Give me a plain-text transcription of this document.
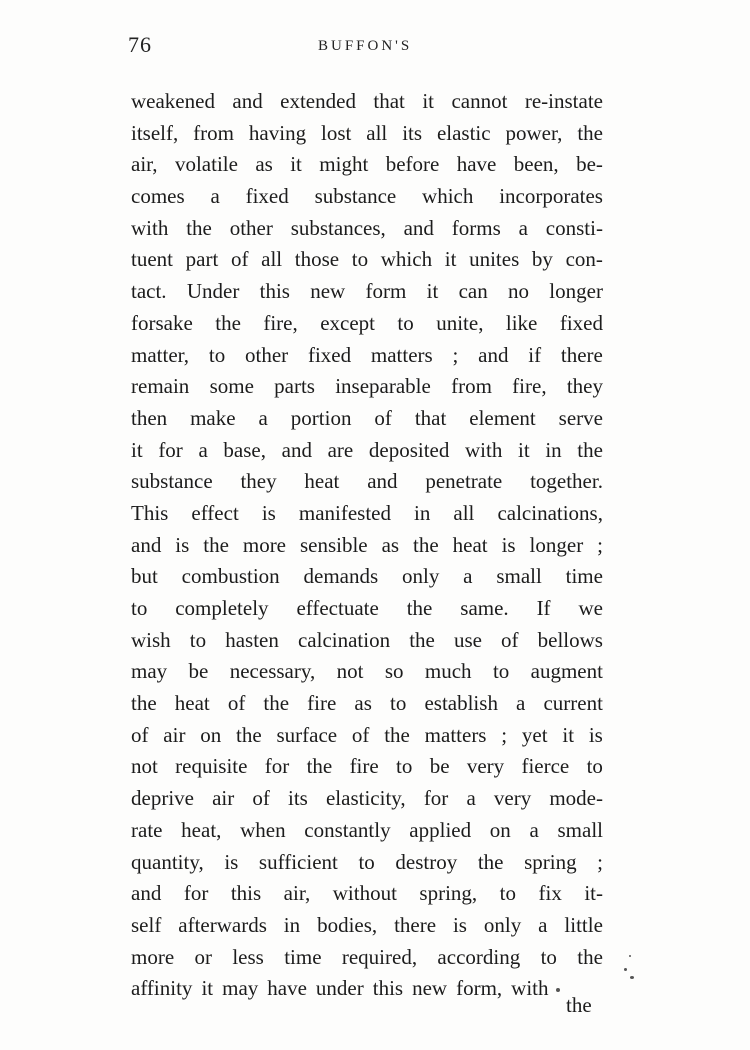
76	BUFFON'S
weakened and extended that it cannot re-instate
itself, from having lost all its elastic power, the
air, volatile as it might before have been, be-
comes a fixed substance which incorporates
with the other substances, and forms a consti-
tuent part of all those to which it unites by con-
tact. Under this new form it can no longer
forsake the fire, except to unite, like fixed
matter, to other fixed matters ; and if there
remain some parts inseparable from fire, they
then make a portion of that element serve
it for a base, and are deposited with it in the
substance they heat and penetrate together.
This effect is manifested in all calcinations,
and is the more sensible as the heat is longer ;
but combustion demands only a small time
to completely effectuate the same. If we
wish to hasten calcination the use of bellows
may be necessary, not so much to augment
the heat of the fire as to establish a current
of air on the surface of the matters ; yet it is
not requisite for the fire to be very fierce to
deprive air of its elasticity, for a very mode-
rate heat, when constantly applied on a small
quantity, is sufficient to destroy the spring ;
and for this air, without spring, to fix it-
self afterwards in bodies, there is only a little
more or less time required, according to the
affinity it may have under this new form, with
the
